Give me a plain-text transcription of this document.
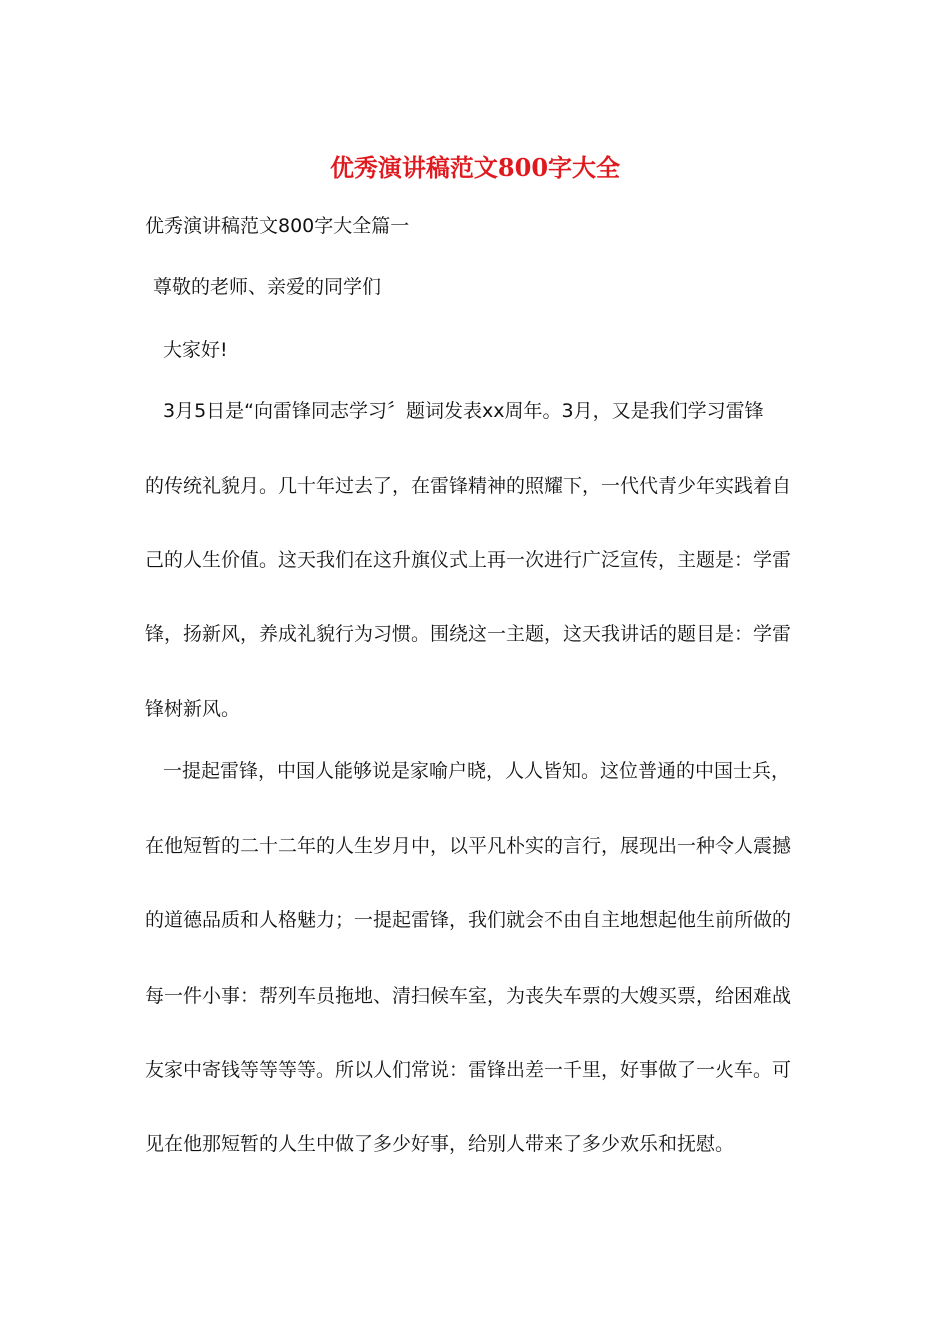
优秀演讲稿范文800字大全

优秀演讲稿范文800字大全篇一

尊敬的老师、亲爱的同学们

大家好!

3月5日是“向雷锋同志学习〞题词发表xx周年。3月，又是我们学习雷锋

的传统礼貌月。几十年过去了，在雷锋精神的照耀下，一代代青少年实践着自

己的人生价值。这天我们在这升旗仪式上再一次进行广泛宣传，主题是：学雷

锋，扬新风，养成礼貌行为习惯。围绕这一主题，这天我讲话的题目是：学雷

锋树新风。

一提起雷锋，中国人能够说是家喻户晓，人人皆知。这位普通的中国士兵，

在他短暂的二十二年的人生岁月中，以平凡朴实的言行，展现出一种令人震撼

的道德品质和人格魅力；一提起雷锋，我们就会不由自主地想起他生前所做的

每一件小事：帮列车员拖地、清扫候车室，为丧失车票的大嫂买票，给困难战

友家中寄钱等等等等。所以人们常说：雷锋出差一千里，好事做了一火车。可

见在他那短暂的人生中做了多少好事，给别人带来了多少欢乐和抚慰。
